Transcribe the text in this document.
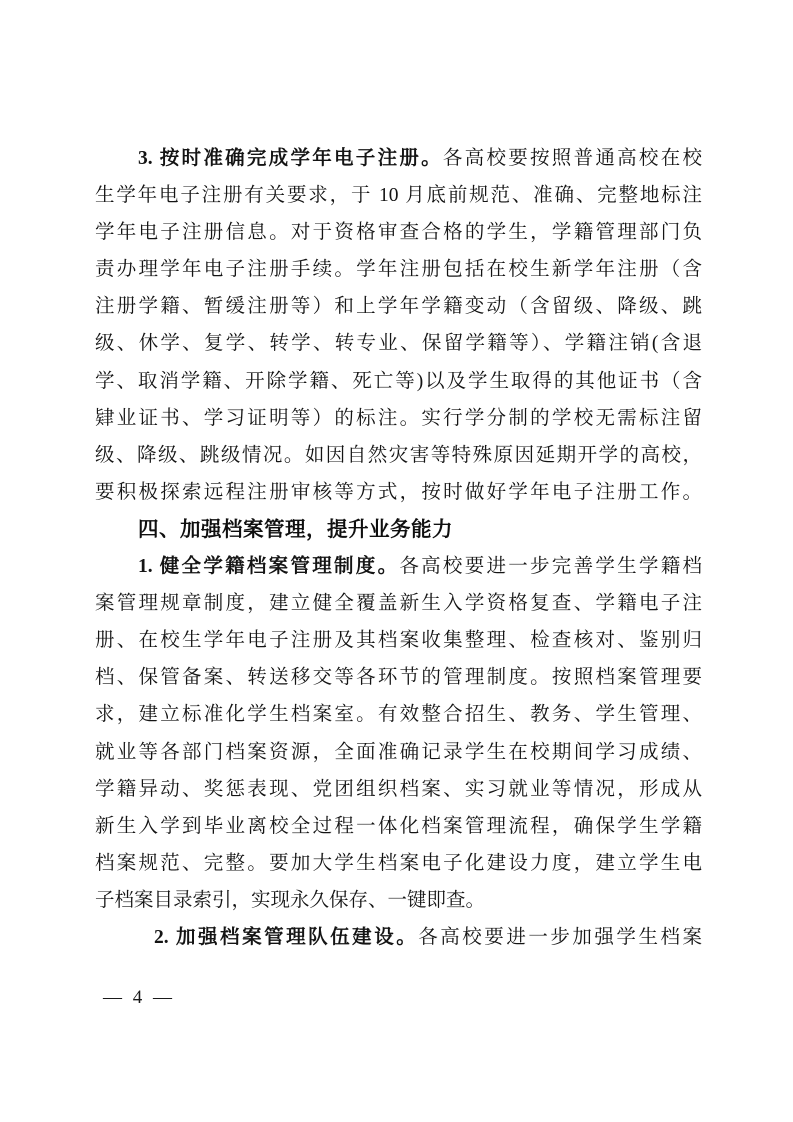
3. 按时准确完成学年电子注册。各高校要按照普通高校在校
生学年电子注册有关要求，于 10 月底前规范、准确、完整地标注
学年电子注册信息。对于资格审查合格的学生，学籍管理部门负
责办理学年电子注册手续。学年注册包括在校生新学年注册（含
注册学籍、暂缓注册等）和上学年学籍变动（含留级、降级、跳
级、休学、复学、转学、转专业、保留学籍等）、学籍注销(含退
学、取消学籍、开除学籍、死亡等)以及学生取得的其他证书（含
肄业证书、学习证明等）的标注。实行学分制的学校无需标注留
级、降级、跳级情况。如因自然灾害等特殊原因延期开学的高校，
要积极探索远程注册审核等方式，按时做好学年电子注册工作。
四、加强档案管理，提升业务能力
1. 健全学籍档案管理制度。各高校要进一步完善学生学籍档
案管理规章制度，建立健全覆盖新生入学资格复查、学籍电子注
册、在校生学年电子注册及其档案收集整理、检查核对、鉴别归
档、保管备案、转送移交等各环节的管理制度。按照档案管理要
求，建立标准化学生档案室。有效整合招生、教务、学生管理、
就业等各部门档案资源，全面准确记录学生在校期间学习成绩、
学籍异动、奖惩表现、党团组织档案、实习就业等情况，形成从
新生入学到毕业离校全过程一体化档案管理流程，确保学生学籍
档案规范、完整。要加大学生档案电子化建设力度，建立学生电
子档案目录索引，实现永久保存、一键即查。
2. 加强档案管理队伍建设。各高校要进一步加强学生档案
— 4 —
